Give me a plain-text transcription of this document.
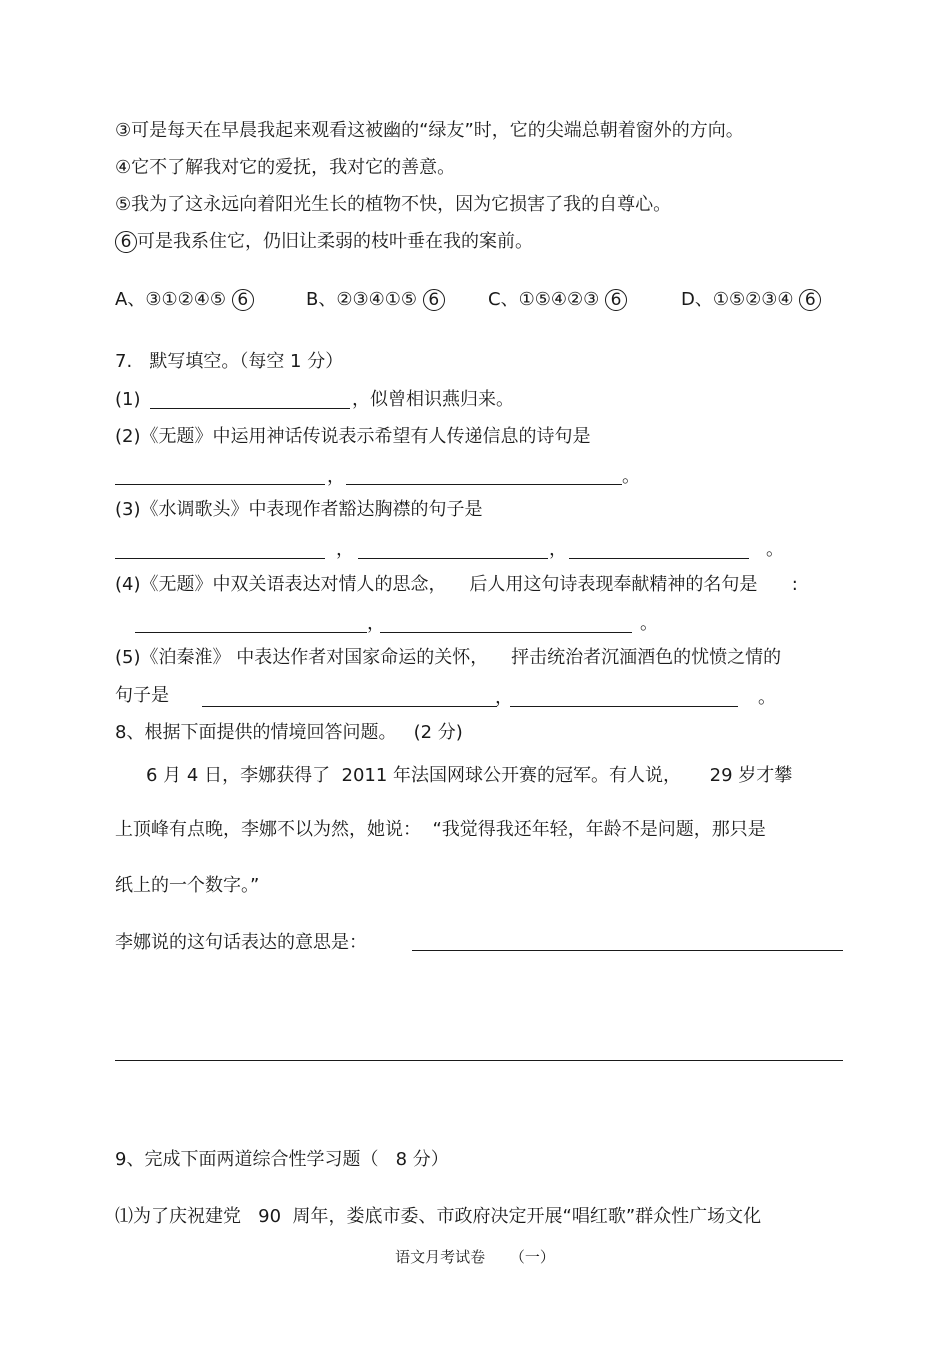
③可是每天在早晨我起来观看这被幽的“绿友”时，它的尖端总朝着窗外的方向。
④它不了解我对它的爱抚，我对它的善意。
⑤我为了这永远向着阳光生长的植物不快，因为它损害了我的自尊心。
6 可是我系住它，仍旧让柔弱的枝叶垂在我的案前。
A、③①②④⑤ 6	B、②③④①⑤ 6	C、①⑤④②③ 6	D、①⑤②③④ 6
7.   默写填空。（每空 1 分）
(1)	，似曾相识燕归来。
(2)《无题》中运用神话传说表示希望有人传递信息的诗句是
，	。
(3)《水调歌头》中表现作者豁达胸襟的句子是
，	，	。
(4)《无题》中双关语表达对情人的思念，    后人用这句诗表现奉献精神的名句是      :
，	。
(5)《泊秦淮》 中表达作者对国家命运的关怀，    抨击统治者沉湎酒色的忧愤之情的
句子是	，	。
8、根据下面提供的情境回答问题。   (2 分)
6 月 4 日，李娜获得了  2011 年法国网球公开赛的冠军。有人说，     29 岁才攀
上顶峰有点晚，李娜不以为然，她说：  “我觉得我还年轻，年龄不是问题，那只是
纸上的一个数字。”
李娜说的这句话表达的意思是：
9、完成下面两道综合性学习题（   8 分）
⑴为了庆祝建党   90  周年，娄底市委、市政府决定开展“唱红歌”群众性广场文化
语文月考试卷 （一）
